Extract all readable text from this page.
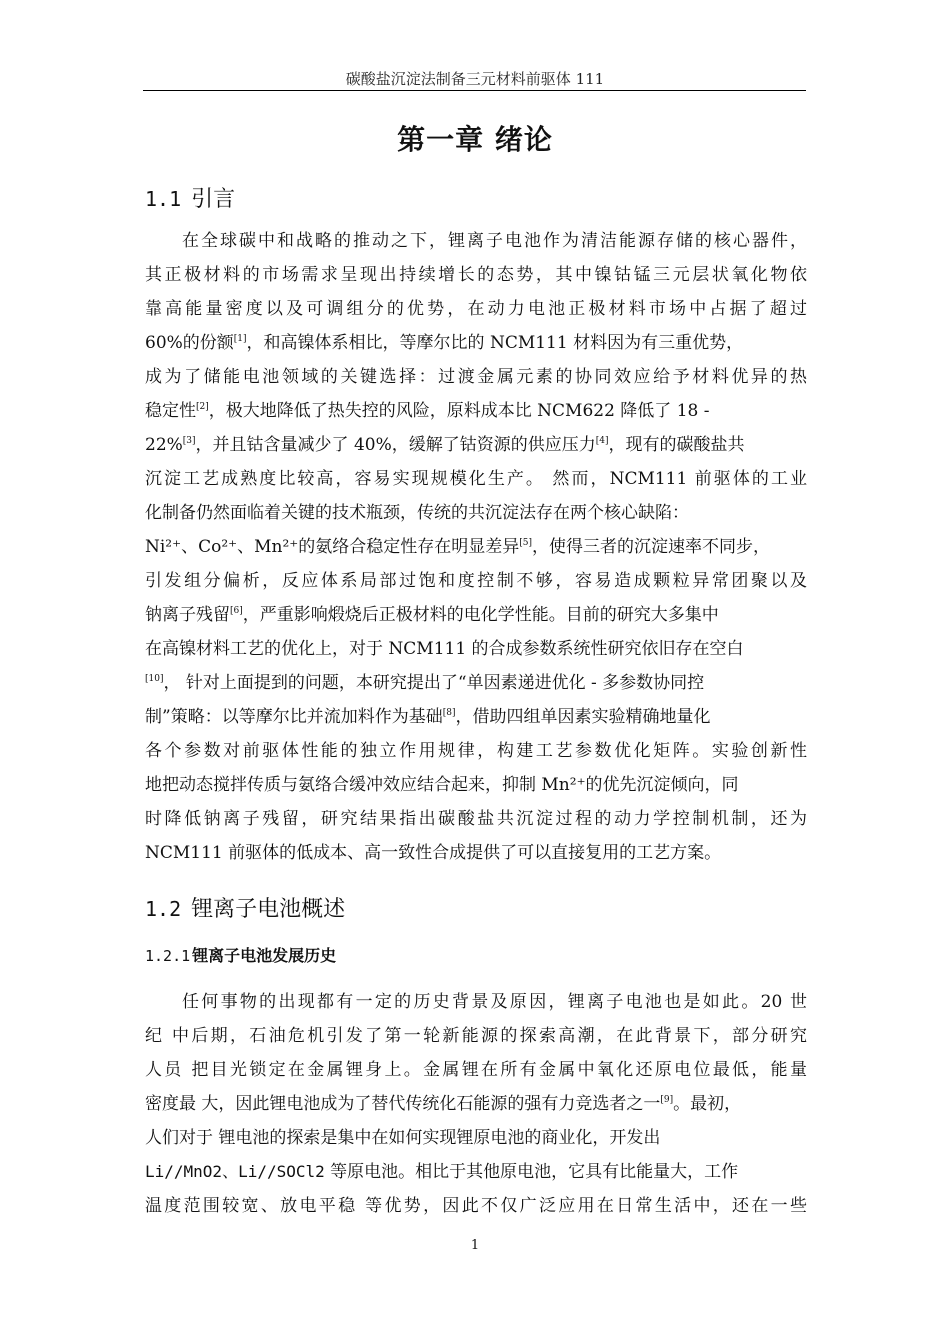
碳酸盐沉淀法制备三元材料前驱体 111
第一章 绪论
1.1 引言
在全球碳中和战略的推动之下，锂离子电池作为清洁能源存储的核心器件，
其正极材料的市场需求呈现出持续增长的态势，其中镍钴锰三元层状氧化物依
靠高能量密度以及可调组分的优势，在动力电池正极材料市场中占据了超过
60%的份额[1]，和高镍体系相比，等摩尔比的 NCM111 材料因为有三重优势，
成为了储能电池领域的关键选择：过渡金属元素的协同效应给予材料优异的热
稳定性[2]，极大地降低了热失控的风险，原料成本比 NCM622 降低了 18 -
22%[3]，并且钴含量减少了 40%，缓解了钴资源的供应压力[4]，现有的碳酸盐共
沉淀工艺成熟度比较高，容易实现规模化生产。 然而，NCM111 前驱体的工业
化制备仍然面临着关键的技术瓶颈，传统的共沉淀法存在两个核心缺陷：
Ni²⁺、Co²⁺、Mn²⁺的氨络合稳定性存在明显差异[5]，使得三者的沉淀速率不同步，
引发组分偏析，反应体系局部过饱和度控制不够，容易造成颗粒异常团聚以及
钠离子残留[6]，严重影响煅烧后正极材料的电化学性能。目前的研究大多集中
在高镍材料工艺的优化上，对于 NCM111 的合成参数系统性研究依旧存在空白
[10]， 针对上面提到的问题，本研究提出了“单因素递进优化 - 多参数协同控
制”策略：以等摩尔比并流加料作为基础[8]，借助四组单因素实验精确地量化
各个参数对前驱体性能的独立作用规律，构建工艺参数优化矩阵。实验创新性
地把动态搅拌传质与氨络合缓冲效应结合起来，抑制 Mn²⁺的优先沉淀倾向，同
时降低钠离子残留，研究结果指出碳酸盐共沉淀过程的动力学控制机制，还为
NCM111 前驱体的低成本、高一致性合成提供了可以直接复用的工艺方案。
1.2 锂离子电池概述
1.2.1 锂离子电池发展历史
任何事物的出现都有一定的历史背景及原因，锂离子电池也是如此。20 世
纪 中后期，石油危机引发了第一轮新能源的探索高潮，在此背景下，部分研究
人员 把目光锁定在金属锂身上。金属锂在所有金属中氧化还原电位最低，能量
密度最 大，因此锂电池成为了替代传统化石能源的强有力竞选者之一[9]。最初，
人们对于 锂电池的探索是集中在如何实现锂原电池的商业化，开发出
Li//MnO2、Li//SOCl2 等原电池。相比于其他原电池，它具有比能量大，工作
温度范围较宽、放电平稳 等优势，因此不仅广泛应用在日常生活中，还在一些
1
